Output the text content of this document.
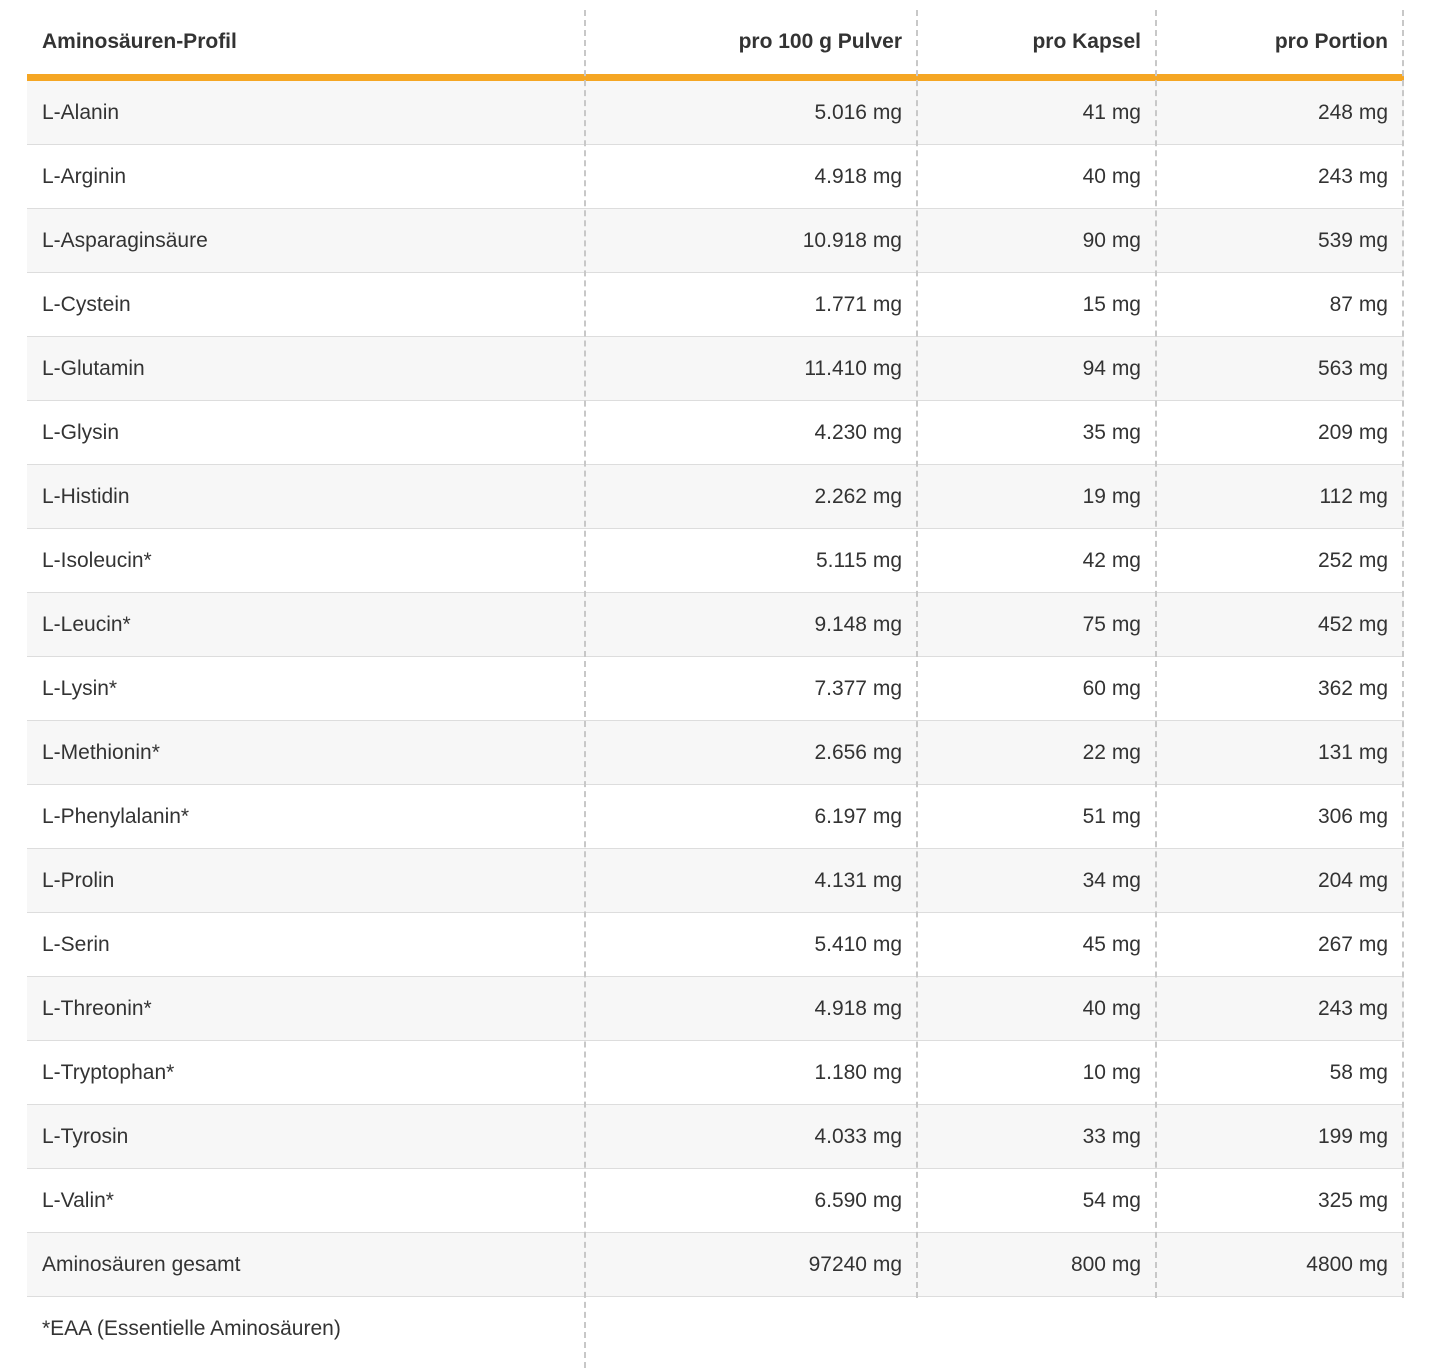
Aminosäuren-Profil	pro 100 g Pulver	pro Kapsel	pro Portion
L-Alanin	5.016 mg	41 mg	248 mg
L-Arginin	4.918 mg	40 mg	243 mg
L-Asparaginsäure	10.918 mg	90 mg	539 mg
L-Cystein	1.771 mg	15 mg	87 mg
L-Glutamin	11.410 mg	94 mg	563 mg
L-Glysin	4.230 mg	35 mg	209 mg
L-Histidin	2.262 mg	19 mg	112 mg
L-Isoleucin*	5.115 mg	42 mg	252 mg
L-Leucin*	9.148 mg	75 mg	452 mg
L-Lysin*	7.377 mg	60 mg	362 mg
L-Methionin*	2.656 mg	22 mg	131 mg
L-Phenylalanin*	6.197 mg	51 mg	306 mg
L-Prolin	4.131 mg	34 mg	204 mg
L-Serin	5.410 mg	45 mg	267 mg
L-Threonin*	4.918 mg	40 mg	243 mg
L-Tryptophan*	1.180 mg	10 mg	58 mg
L-Tyrosin	4.033 mg	33 mg	199 mg
L-Valin*	6.590 mg	54 mg	325 mg
Aminosäuren gesamt	97240 mg	800 mg	4800 mg
*EAA (Essentielle Aminosäuren)
